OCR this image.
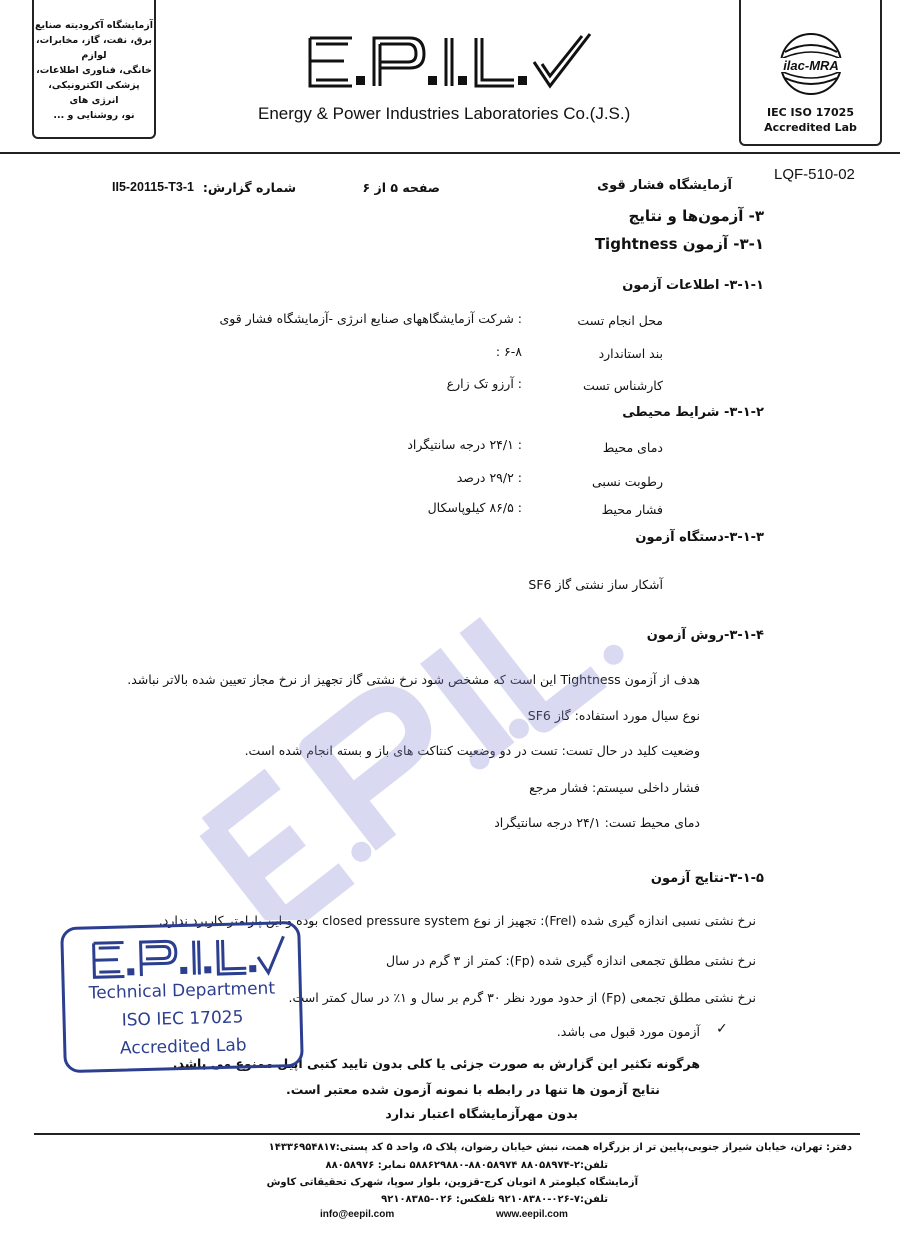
آزمایشگاه آکرودیته صنایع
برق، نفت، گاز، مخابرات، لوازم
خانگی، فناوری اطلاعات،
پزشکی الکترونیکی، انرژی های
نو، روشنایی و ...
E.P.I.L.
Energy & Power Industries Laboratories Co.(J.S.)
ilac-MRA
IEC ISO 17025
Accredited Lab
LQF-510-02
آزمایشگاه فشار قوی
صفحه ۵ از ۶
شماره گزارش:
II5-20115-T3-1
۳- آزمون‌ها و نتایج
۳-۱- آزمون Tightness
۳-۱-۱- اطلاعات آزمون
محل انجام تست
: شرکت آزمایشگاههای صنایع انرژی -آزمایشگاه فشار قوی
بند استاندارد
: ۶-۸
کارشناس تست
: آرزو تک زارع
۳-۱-۲- شرایط محیطی
دمای محیط
: ۲۴/۱ درجه سانتیگراد
رطوبت نسبی
: ۲۹/۲ درصد
فشار محیط
: ۸۶/۵ کیلوپاسکال
۳-۱-۳-دستگاه آزمون
آشکار ساز نشتی گاز SF6
۳-۱-۴-روش آزمون
هدف از آزمون Tightness این است که مشخص شود نرخ نشتی گاز تجهیز از نرخ مجاز تعیین شده بالاتر نباشد.
نوع سیال مورد استفاده: گاز SF6
وضعیت کلید در حال تست: تست در دو وضعیت کنتاکت های باز و بسته انجام شده است.
فشار داخلی سیستم: فشار مرجع
دمای محیط تست: ۲۴/۱ درجه سانتیگراد
۳-۱-۵-نتایج آزمون
نرخ نشتی نسبی اندازه گیری شده (Frel): تجهیز از نوع closed pressure system بوده و این پارامتر کاربرد ندارد.
نرخ نشتی مطلق تجمعی اندازه گیری شده (Fp): کمتر از ۳ گرم در سال
نرخ نشتی مطلق تجمعی (Fp) از حدود مورد نظر ۳۰ گرم بر سال و ۱٪ در سال کمتر است.
✓
آزمون مورد قبول می باشد.
هرگونه تکثیر این گزارش به صورت جزئی یا کلی بدون تایید کتبی اپیل ممنوع می باشد.
نتایج آزمون ها تنها در رابطه با نمونه آزمون شده معتبر است.
بدون مهرآزمایشگاه اعتبار ندارد
E.P.I.L.
Technical Department
ISO IEC 17025
Accredited Lab
دفتر: تهران، خیابان شیراز جنوبی،پایین تر از بزرگراه همت، نبش خیابان رضوان، پلاک ۵، واحد ۵ کد پستی:۱۴۳۳۶۹۵۴۸۱۷
تلفن:۲-۸۸۰۵۸۹۷۴ ۸۸۰۵۸۹۷۴-۵۸۸۶۲۹۸۸۰ نمابر: ۸۸۰۵۸۹۷۶
آزمایشگاه کیلومتر ۸ اتوبان کرج-قزوین، بلوار سوپا، شهرک تحقیقاتی کاوش
تلفن:۷-۰۲۶-۹۲۱۰۸۳۸۰ تلفکس: ۰۲۶-۹۲۱۰۸۳۸۵
info@eepil.com	www.eepil.com
